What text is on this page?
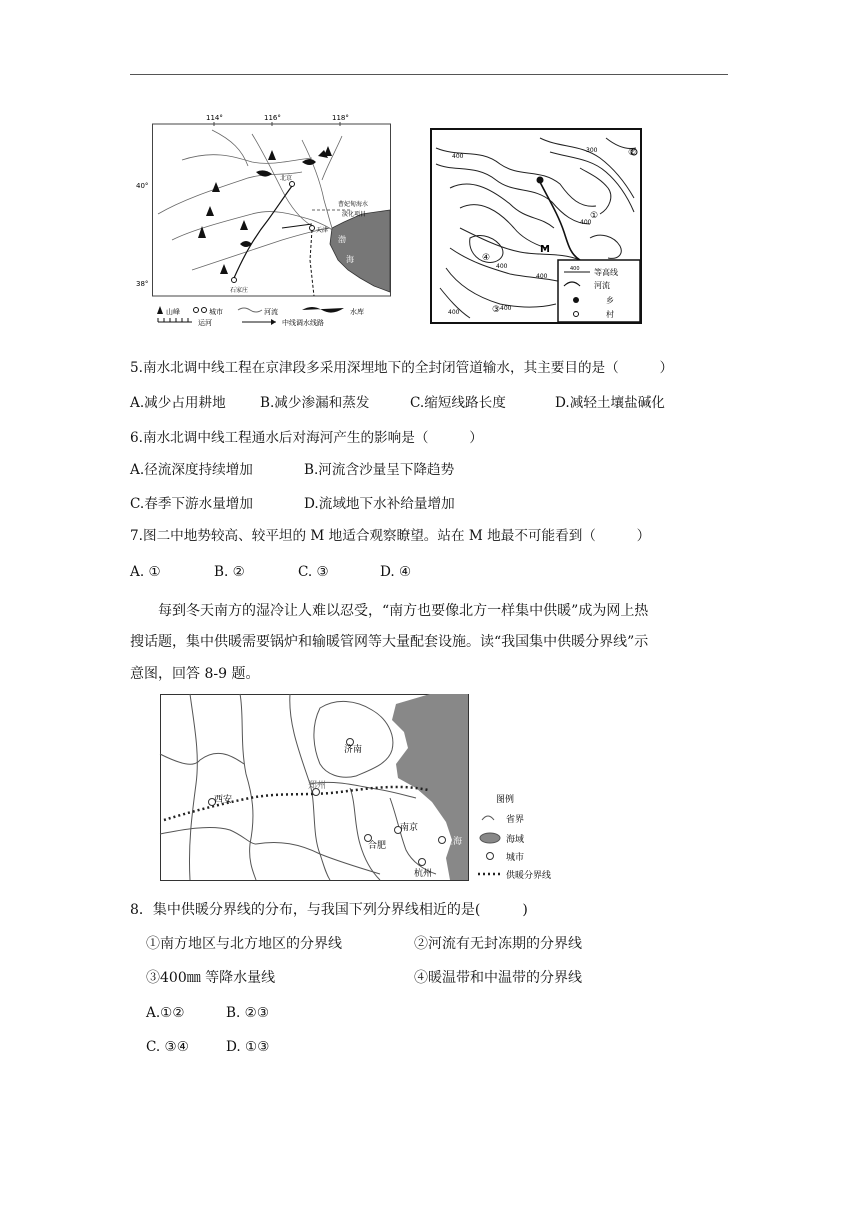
114°	116°	118°
40°
38°
渤
海
北京
天津
石家庄
曹妃甸海水
淡化项目
山峰	城市	河流	水库
运河	中线调水线路
400
300
400
400
400
400
400
M
②
①
④
③
400 等高线
河流
乡
村
5.南水北调中线工程在京津段多采用深埋地下的全封闭管道输水，其主要目的是（　　　）
A.减少占用耕地	B.减少渗漏和蒸发	C.缩短线路长度	D.减轻土壤盐碱化
6.南水北调中线工程通水后对海河产生的影响是（　　　）
A.径流深度持续增加	B.河流含沙量呈下降趋势
C.春季下游水量增加	D.流域地下水补给量增加
7.图二中地势较高、较平坦的 M 地适合观察瞭望。站在 M 地最不可能看到（　　　）
A. ①	B. ②	C. ③	D. ④
每到冬天南方的湿冷让人难以忍受，“南方也要像北方一样集中供暖”成为网上热
搜话题，集中供暖需要锅炉和输暖管网等大量配套设施。读“我国集中供暖分界线”示
意图，回答 8-9 题。
济南
郑州
西安
南京
合肥	上海
杭州
图例
省界
海域
城市
供暖分界线
8．集中供暖分界线的分布，与我国下列分界线相近的是(　　　)
①南方地区与北方地区的分界线	②河流有无封冻期的分界线
③400㎜ 等降水量线	④暖温带和中温带的分界线
A.①②	B. ②③
C. ③④	D. ①③
